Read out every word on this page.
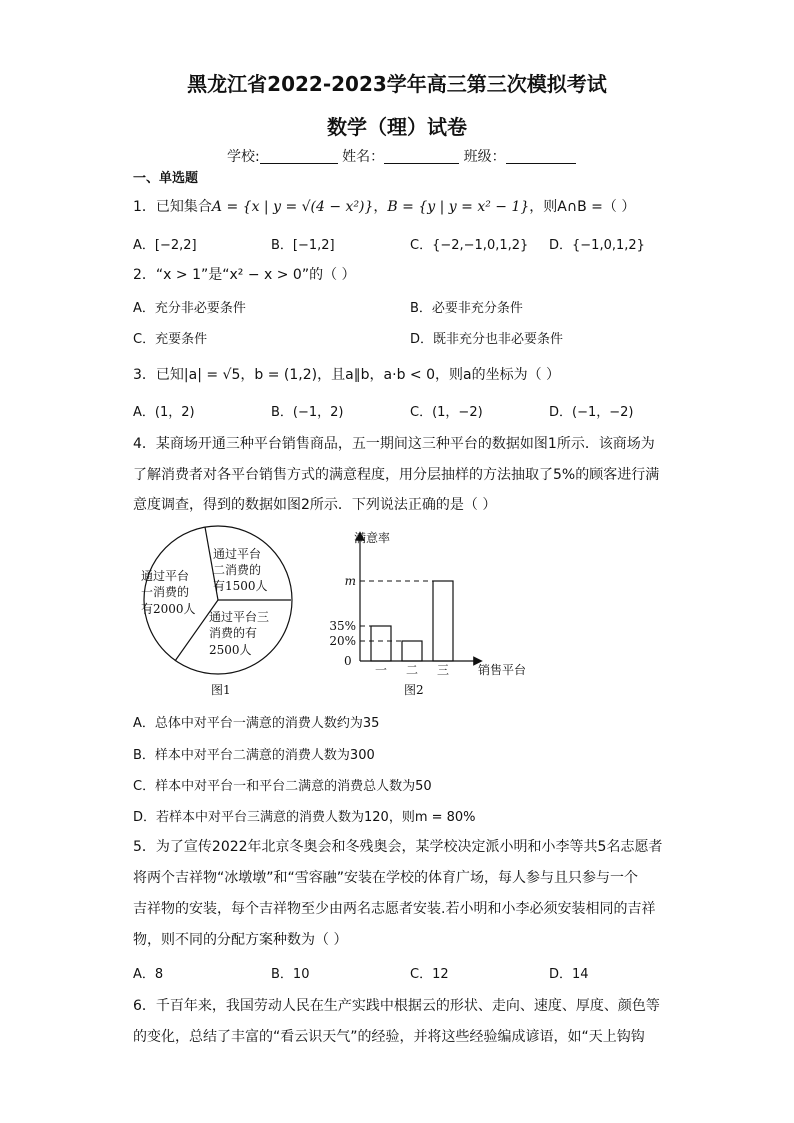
黑龙江省2022-2023学年高三第三次模拟考试
数学（理）试卷
学校:	姓名：	班级：
一、单选题
1．已知集合A = {x | y = √(4 − x²)}，B = {y | y = x² − 1}，则A∩B =（ ）
A．[−2,2]	B．[−1,2]	C．{−2,−1,0,1,2} D．{−1,0,1,2}
2．“x > 1”是“x² − x > 0”的（ ）
A．充分非必要条件	B．必要非充分条件
C．充要条件	D．既非充分也非必要条件
3．已知|a| = √5，b = (1,2)，且a∥b，a·b < 0，则a的坐标为（ ）
A．(1，2)	B．(−1，2)	C．(1，−2)	D．(−1，−2)
4．某商场开通三种平台销售商品，五一期间这三种平台的数据如图1所示．该商场为
了解消费者对各平台销售方式的满意程度，用分层抽样的方法抽取了5%的顾客进行满
意度调查，得到的数据如图2所示．下列说法正确的是（ ）
通过平台
一消费的
有2000人
通过平台
二消费的
有1500人
通过平台三
消费的有
2500人
图1
满意率
销售平台
0
一 二 三
20%
35%
m
图2
A．总体中对平台一满意的消费人数约为35
B．样本中对平台二满意的消费人数为300
C．样本中对平台一和平台二满意的消费总人数为50
D．若样本中对平台三满意的消费人数为120，则m = 80%
5．为了宣传2022年北京冬奥会和冬残奥会，某学校决定派小明和小李等共5名志愿者
将两个吉祥物“冰墩墩”和“雪容融”安装在学校的体育广场，每人参与且只参与一个
吉祥物的安装，每个吉祥物至少由两名志愿者安装.若小明和小李必须安装相同的吉祥
物，则不同的分配方案种数为（ ）
A．8	B．10	C．12	D．14
6．千百年来，我国劳动人民在生产实践中根据云的形状、走向、速度、厚度、颜色等
的变化，总结了丰富的“看云识天气”的经验，并将这些经验编成谚语，如“天上钩钩
